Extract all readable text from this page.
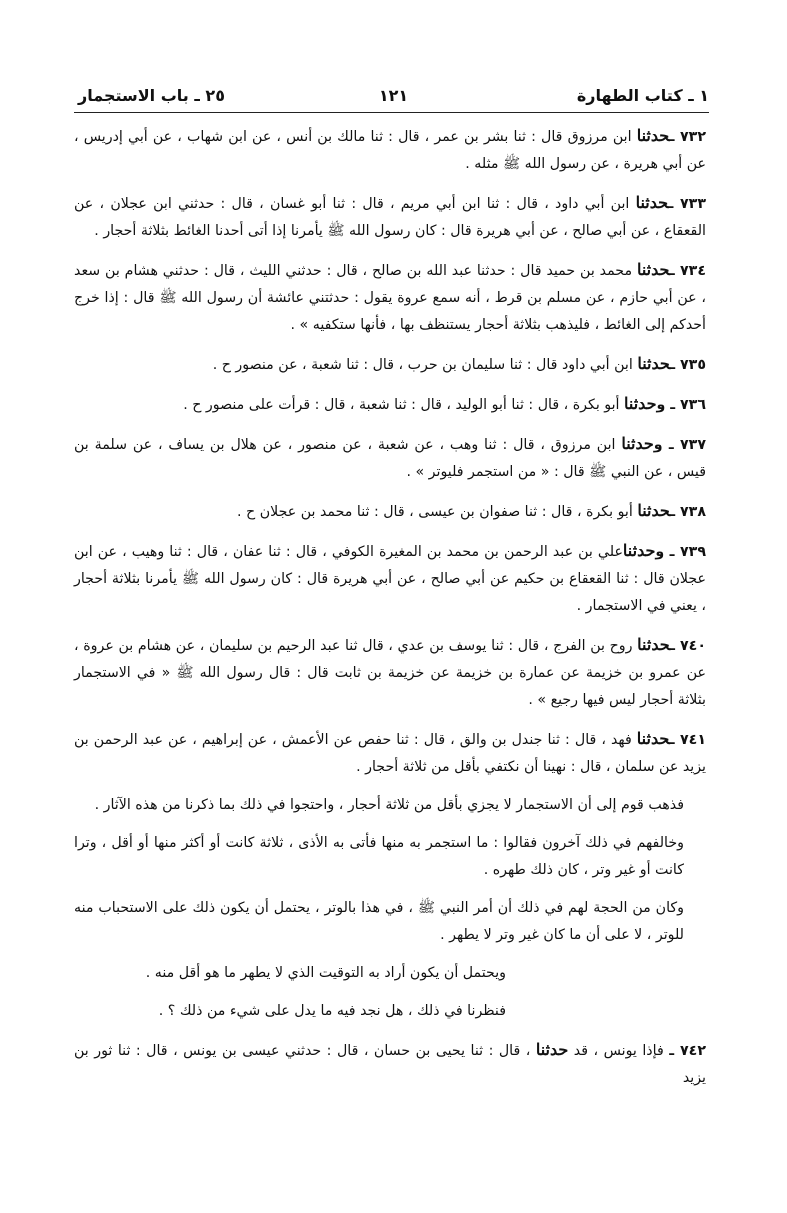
١ ـ كتاب الطهارة
١٢١
٢٥ ـ باب الاستجمار
٧٣٢ ـحدثنا ابن مرزوق قال : ثنا بشر بن عمر ، قال : ثنا مالك بن أنس ، عن ابن شهاب ، عن أبي إدريس ، عن أبي هريرة ، عن رسول الله ﷺ مثله .
٧٣٣ ـحدثنا ابن أبي داود ، قال : ثنا ابن أبي مريم ، قال : ثنا أبو غسان ، قال : حدثني ابن عجلان ، عن القعقاع ، عن أبي صالح ، عن أبي هريرة قال : كان رسول الله ﷺ يأمرنا إذا أتى أحدنا الغائط بثلاثة أحجار .
٧٣٤ ـحدثنا محمد بن حميد قال : حدثنا عبد الله بن صالح ، قال : حدثني الليث ، قال : حدثني هشام بن سعد ، عن أبي حازم ، عن مسلم بن قرط ، أنه سمع عروة يقول : حدثتني عائشة أن رسول الله ﷺ قال : إذا خرج أحدكم إلى الغائط ، فليذهب بثلاثة أحجار يستنظف بها ، فأنها ستكفيه » .
٧٣٥ ـحدثنا ابن أبي داود قال : ثنا سليمان بن حرب ، قال : ثنا شعبة ، عن منصور ح .
٧٣٦ ـ وحدثنا أبو بكرة ، قال : ثنا أبو الوليد ، قال : ثنا شعبة ، قال : قرأت على منصور ح .
٧٣٧ ـ وحدثنا ابن مرزوق ، قال : ثنا وهب ، عن شعبة ، عن منصور ، عن هلال بن يساف ، عن سلمة بن قيس ، عن النبي ﷺ قال : « من استجمر فليوتر » .
٧٣٨ ـحدثنا أبو بكرة ، قال : ثنا صفوان بن عيسى ، قال : ثنا محمد بن عجلان ح .
٧٣٩ ـ وحدثناعلي بن عبد الرحمن بن محمد بن المغيرة الكوفي ، قال : ثنا عفان ، قال : ثنا وهيب ، عن ابن عجلان قال : ثنا القعقاع بن حكيم عن أبي صالح ، عن أبي هريرة قال : كان رسول الله ﷺ يأمرنا بثلاثة أحجار ، يعني في الاستجمار .
٧٤٠ ـحدثنا روح بن الفرج ، قال : ثنا يوسف بن عدي ، قال ثنا عبد الرحيم بن سليمان ، عن هشام بن عروة ، عن عمرو بن خزيمة عن عمارة بن خزيمة عن خزيمة بن ثابت قال : قال رسول الله ﷺ « في الاستجمار بثلاثة أحجار ليس فيها رجيع » .
٧٤١ ـحدثنا فهد ، قال : ثنا جندل بن والق ، قال : ثنا حفص عن الأعمش ، عن إبراهيم ، عن عبد الرحمن بن يزيد عن سلمان ، قال : نهينا أن نكتفي بأقل من ثلاثة أحجار .
فذهب قوم إلى أن الاستجمار لا يجزي بأقل من ثلاثة أحجار ، واحتجوا في ذلك بما ذكرنا من هذه الآثار .
وخالفهم في ذلك آخرون فقالوا : ما استجمر به منها فأتى به الأذى ، ثلاثة كانت أو أكثر منها أو أقل ، وترا كانت أو غير وتر ، كان ذلك طهره .
وكان من الحجة لهم في ذلك أن أمر النبي ﷺ ، في هذا بالوتر ، يحتمل أن يكون ذلك على الاستحباب منه للوتر ، لا على أن ما كان غير وتر لا يطهر .
ويحتمل أن يكون أراد به التوقيت الذي لا يطهر ما هو أقل منه .
فنظرنا في ذلك ، هل نجد فيه ما يدل على شيء من ذلك ؟ .
٧٤٢ ـ فإذا يونس ، قد حدثنا ، قال : ثنا يحيى بن حسان ، قال : حدثني عيسى بن يونس ، قال : ثنا ثور بن يزيد
